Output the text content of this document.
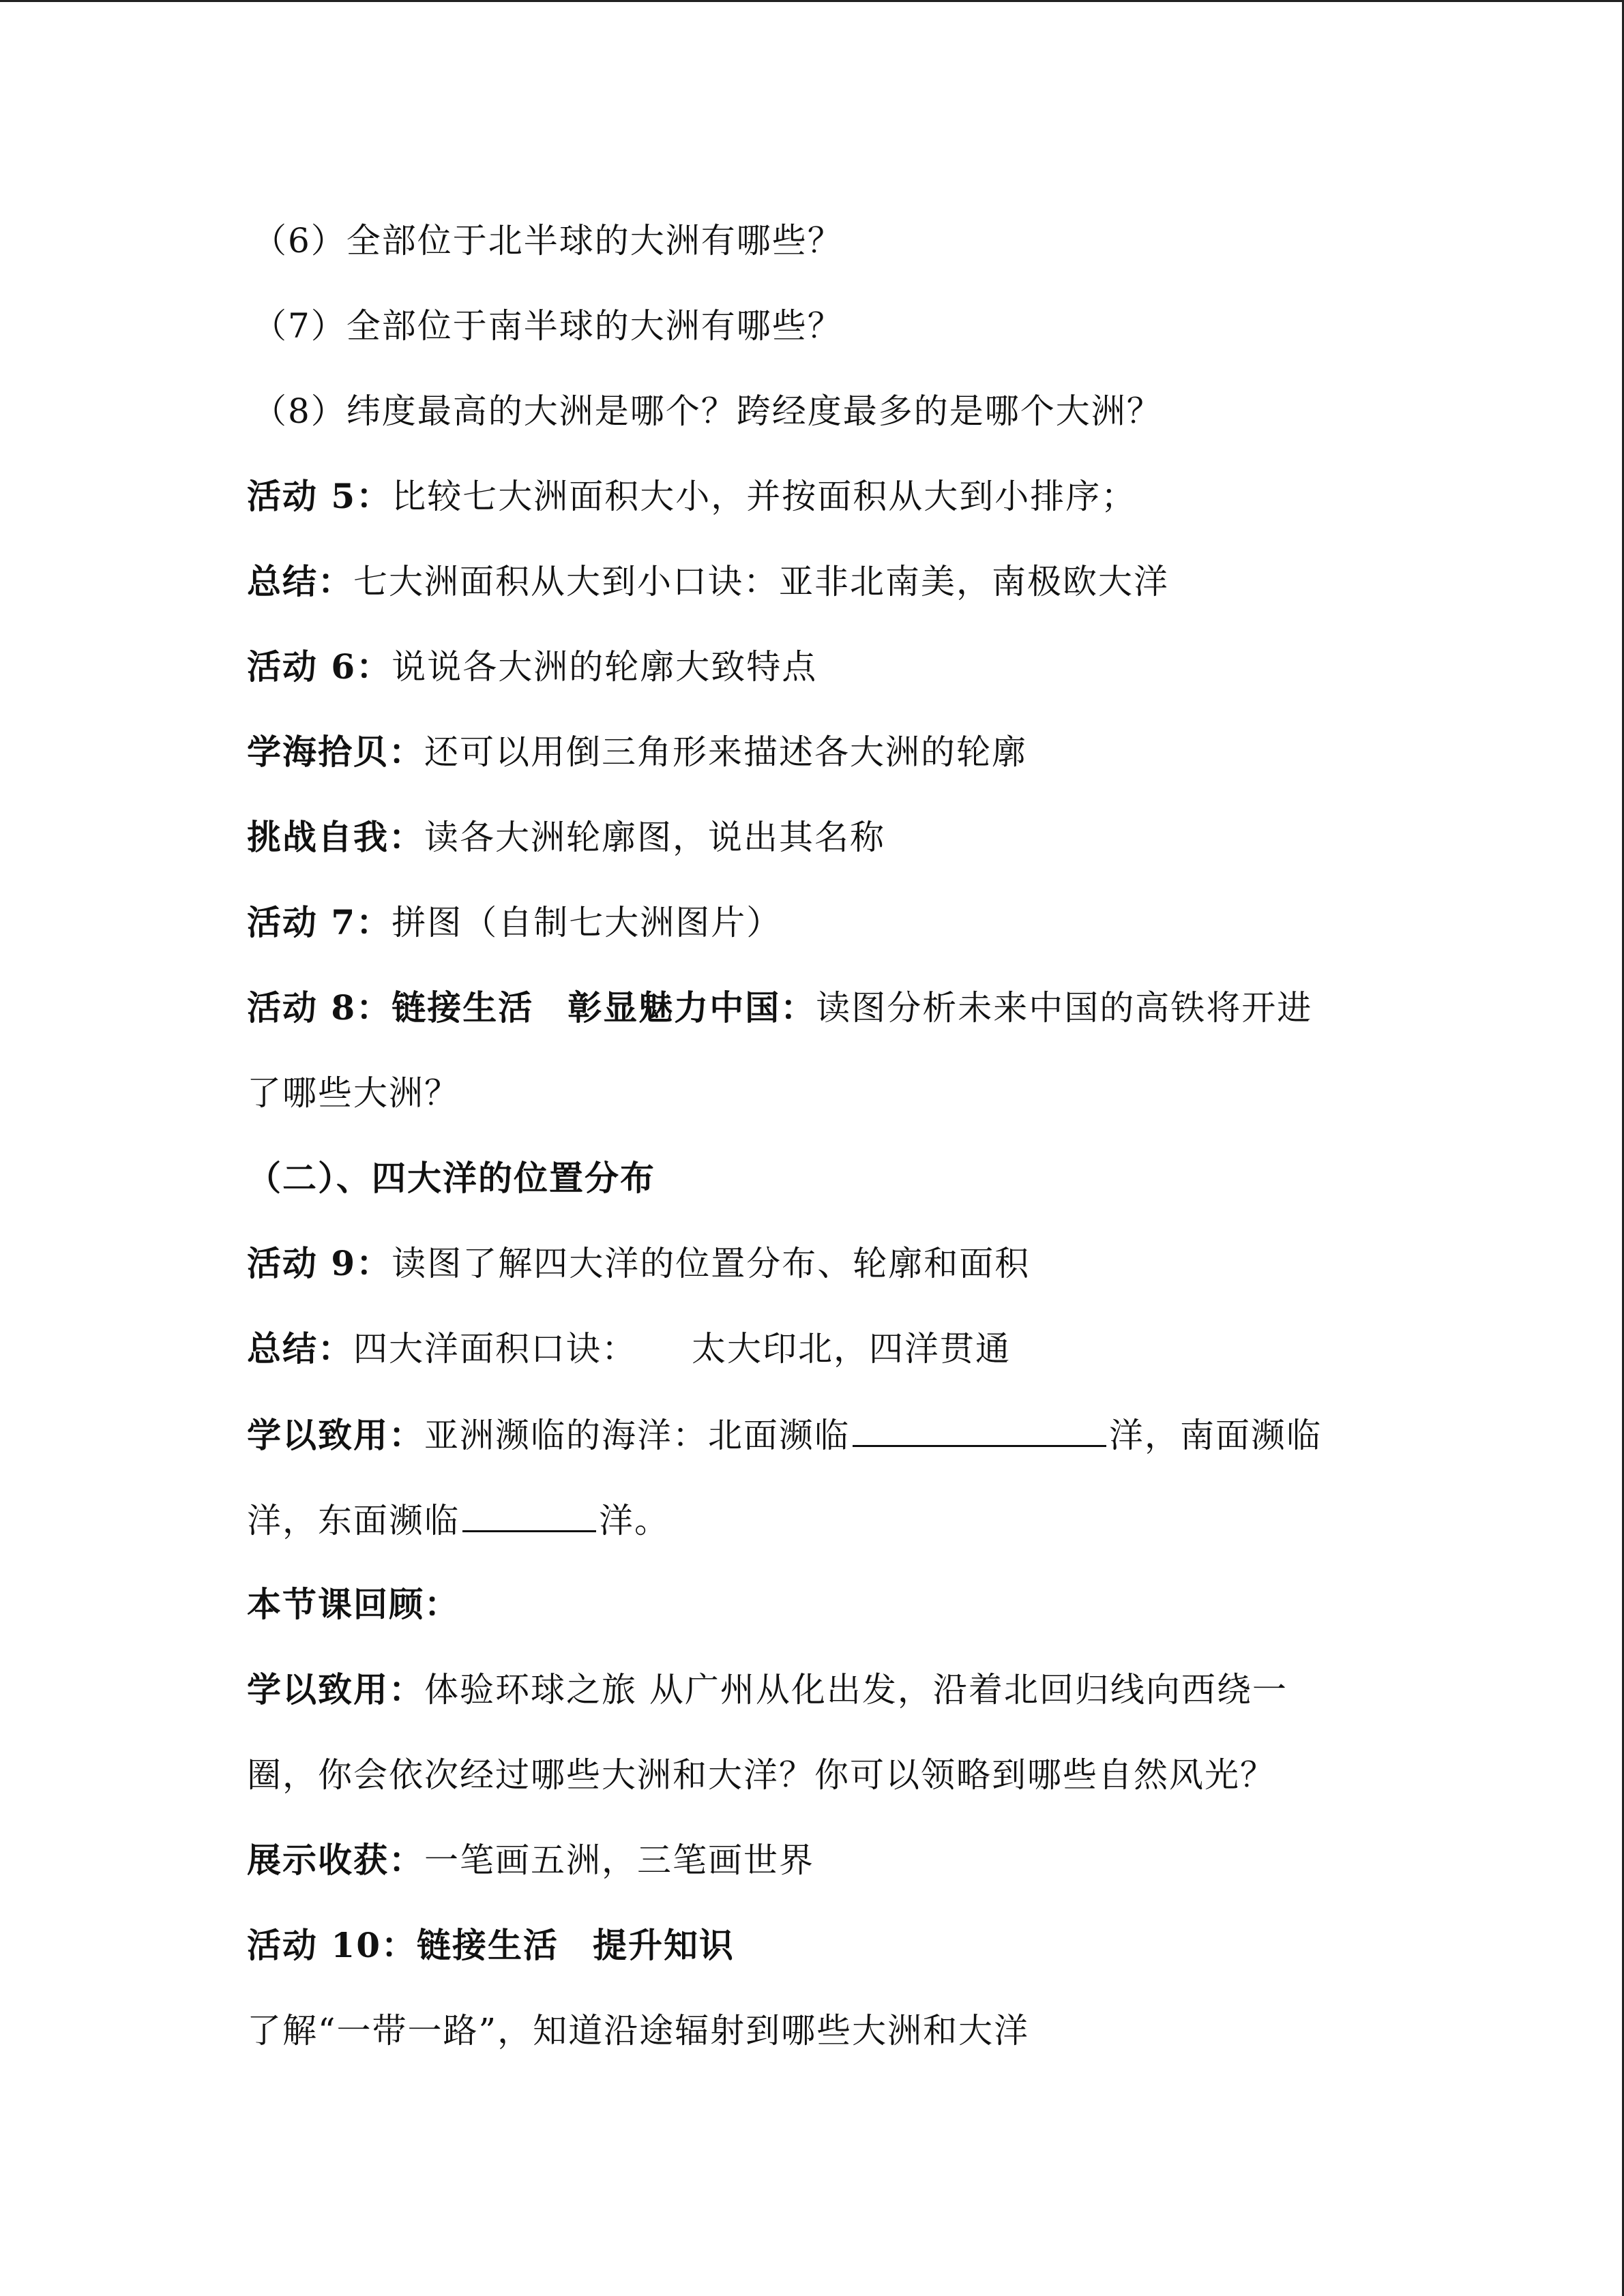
（6）全部位于北半球的大洲有哪些？
（7）全部位于南半球的大洲有哪些？
（8）纬度最高的大洲是哪个？跨经度最多的是哪个大洲？
活动 5：比较七大洲面积大小，并按面积从大到小排序；
总结：七大洲面积从大到小口诀：亚非北南美，南极欧大洋
活动 6：说说各大洲的轮廓大致特点
学海拾贝：还可以用倒三角形来描述各大洲的轮廓
挑战自我：读各大洲轮廓图，说出其名称
活动 7：拼图（自制七大洲图片）
活动 8：链接生活 彰显魅力中国：读图分析未来中国的高铁将开进
了哪些大洲？
（二）、四大洋的位置分布
活动 9：读图了解四大洋的位置分布、轮廓和面积
总结：四大洋面积口诀： 太大印北，四洋贯通
学以致用：亚洲濒临的海洋：北面濒临	洋，南面濒临
洋，东面濒临	洋。
本节课回顾：
学以致用：体验环球之旅 从广州从化出发，沿着北回归线向西绕一
圈，你会依次经过哪些大洲和大洋？你可以领略到哪些自然风光？
展示收获：一笔画五洲，三笔画世界
活动 10：链接生活 提升知识
了解“一带一路”，知道沿途辐射到哪些大洲和大洋
